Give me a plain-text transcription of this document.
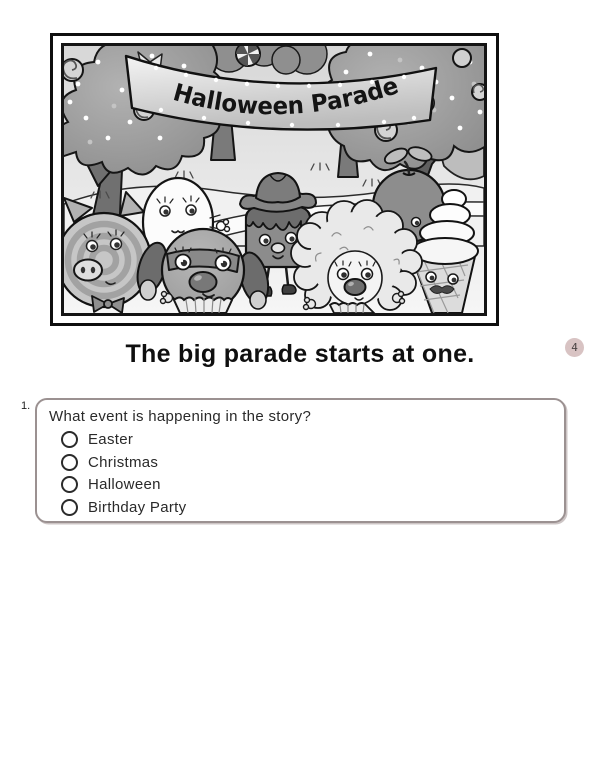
Halloween Parade
The big parade starts at one.	4
1.
What event is happening in the story?
Easter
Christmas
Halloween
Birthday Party
